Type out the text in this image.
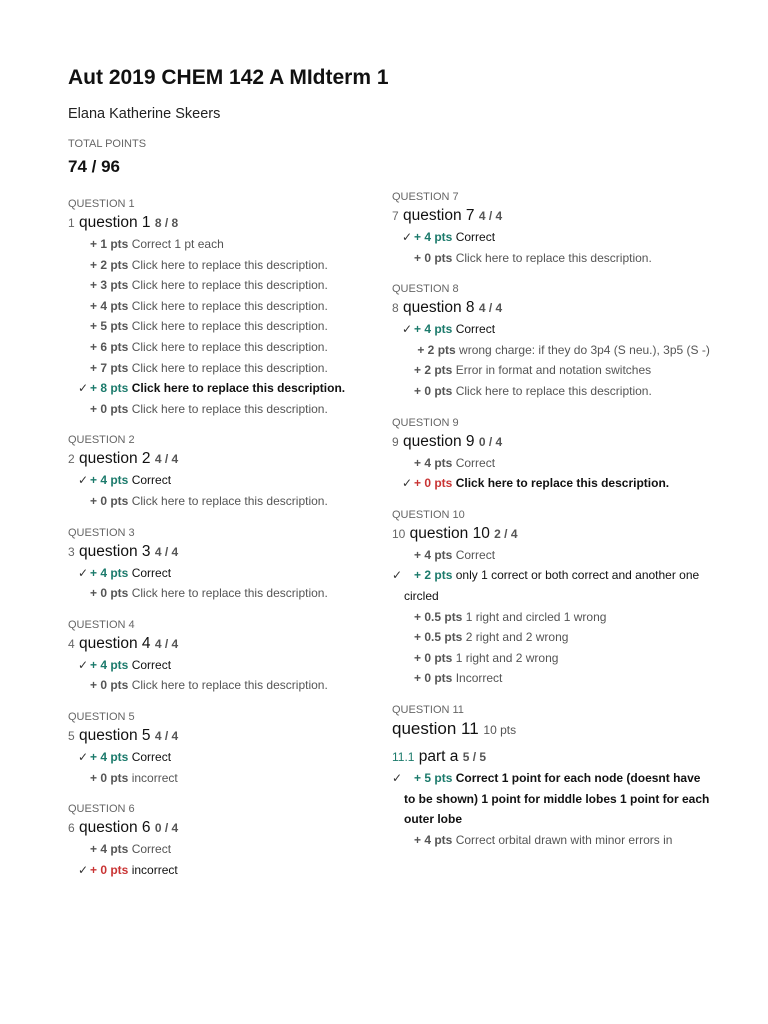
Aut 2019 CHEM 142 A MIdterm 1
Elana Katherine Skeers
TOTAL POINTS
74 / 96
QUESTION 1
1 question 1 8 / 8
+ 1 pts Correct 1 pt each
+ 2 pts Click here to replace this description.
+ 3 pts Click here to replace this description.
+ 4 pts Click here to replace this description.
+ 5 pts Click here to replace this description.
+ 6 pts Click here to replace this description.
+ 7 pts Click here to replace this description.
✓ + 8 pts Click here to replace this description.
+ 0 pts Click here to replace this description.
QUESTION 2
2 question 2 4 / 4
✓ + 4 pts Correct
+ 0 pts Click here to replace this description.
QUESTION 3
3 question 3 4 / 4
✓ + 4 pts Correct
+ 0 pts Click here to replace this description.
QUESTION 4
4 question 4 4 / 4
✓ + 4 pts Correct
+ 0 pts Click here to replace this description.
QUESTION 5
5 question 5 4 / 4
✓ + 4 pts Correct
+ 0 pts incorrect
QUESTION 6
6 question 6 0 / 4
+ 4 pts Correct
✓ + 0 pts incorrect
QUESTION 7
7 question 7 4 / 4
✓ + 4 pts Correct
+ 0 pts Click here to replace this description.
QUESTION 8
8 question 8 4 / 4
✓ + 4 pts Correct
+ 2 pts wrong charge: if they do 3p4 (S neu.), 3p5 (S -)
+ 2 pts Error in format and notation switches
+ 0 pts Click here to replace this description.
QUESTION 9
9 question 9 0 / 4
+ 4 pts Correct
✓ + 0 pts Click here to replace this description.
QUESTION 10
10 question 10 2 / 4
+ 4 pts Correct

✓ + 2 pts only 1 correct or both correct and another one circled
+ 0.5 pts 1 right and circled 1 wrong
+ 0.5 pts 2 right and 2 wrong
+ 0 pts 1 right and 2 wrong
+ 0 pts Incorrect
QUESTION 11
question 11 10 pts
11.1 part a 5 / 5

✓ + 5 pts Correct 1 point for each node (doesnt have to be shown) 1 point for middle lobes 1 point for each outer lobe
+ 4 pts Correct orbital drawn with minor errors in
